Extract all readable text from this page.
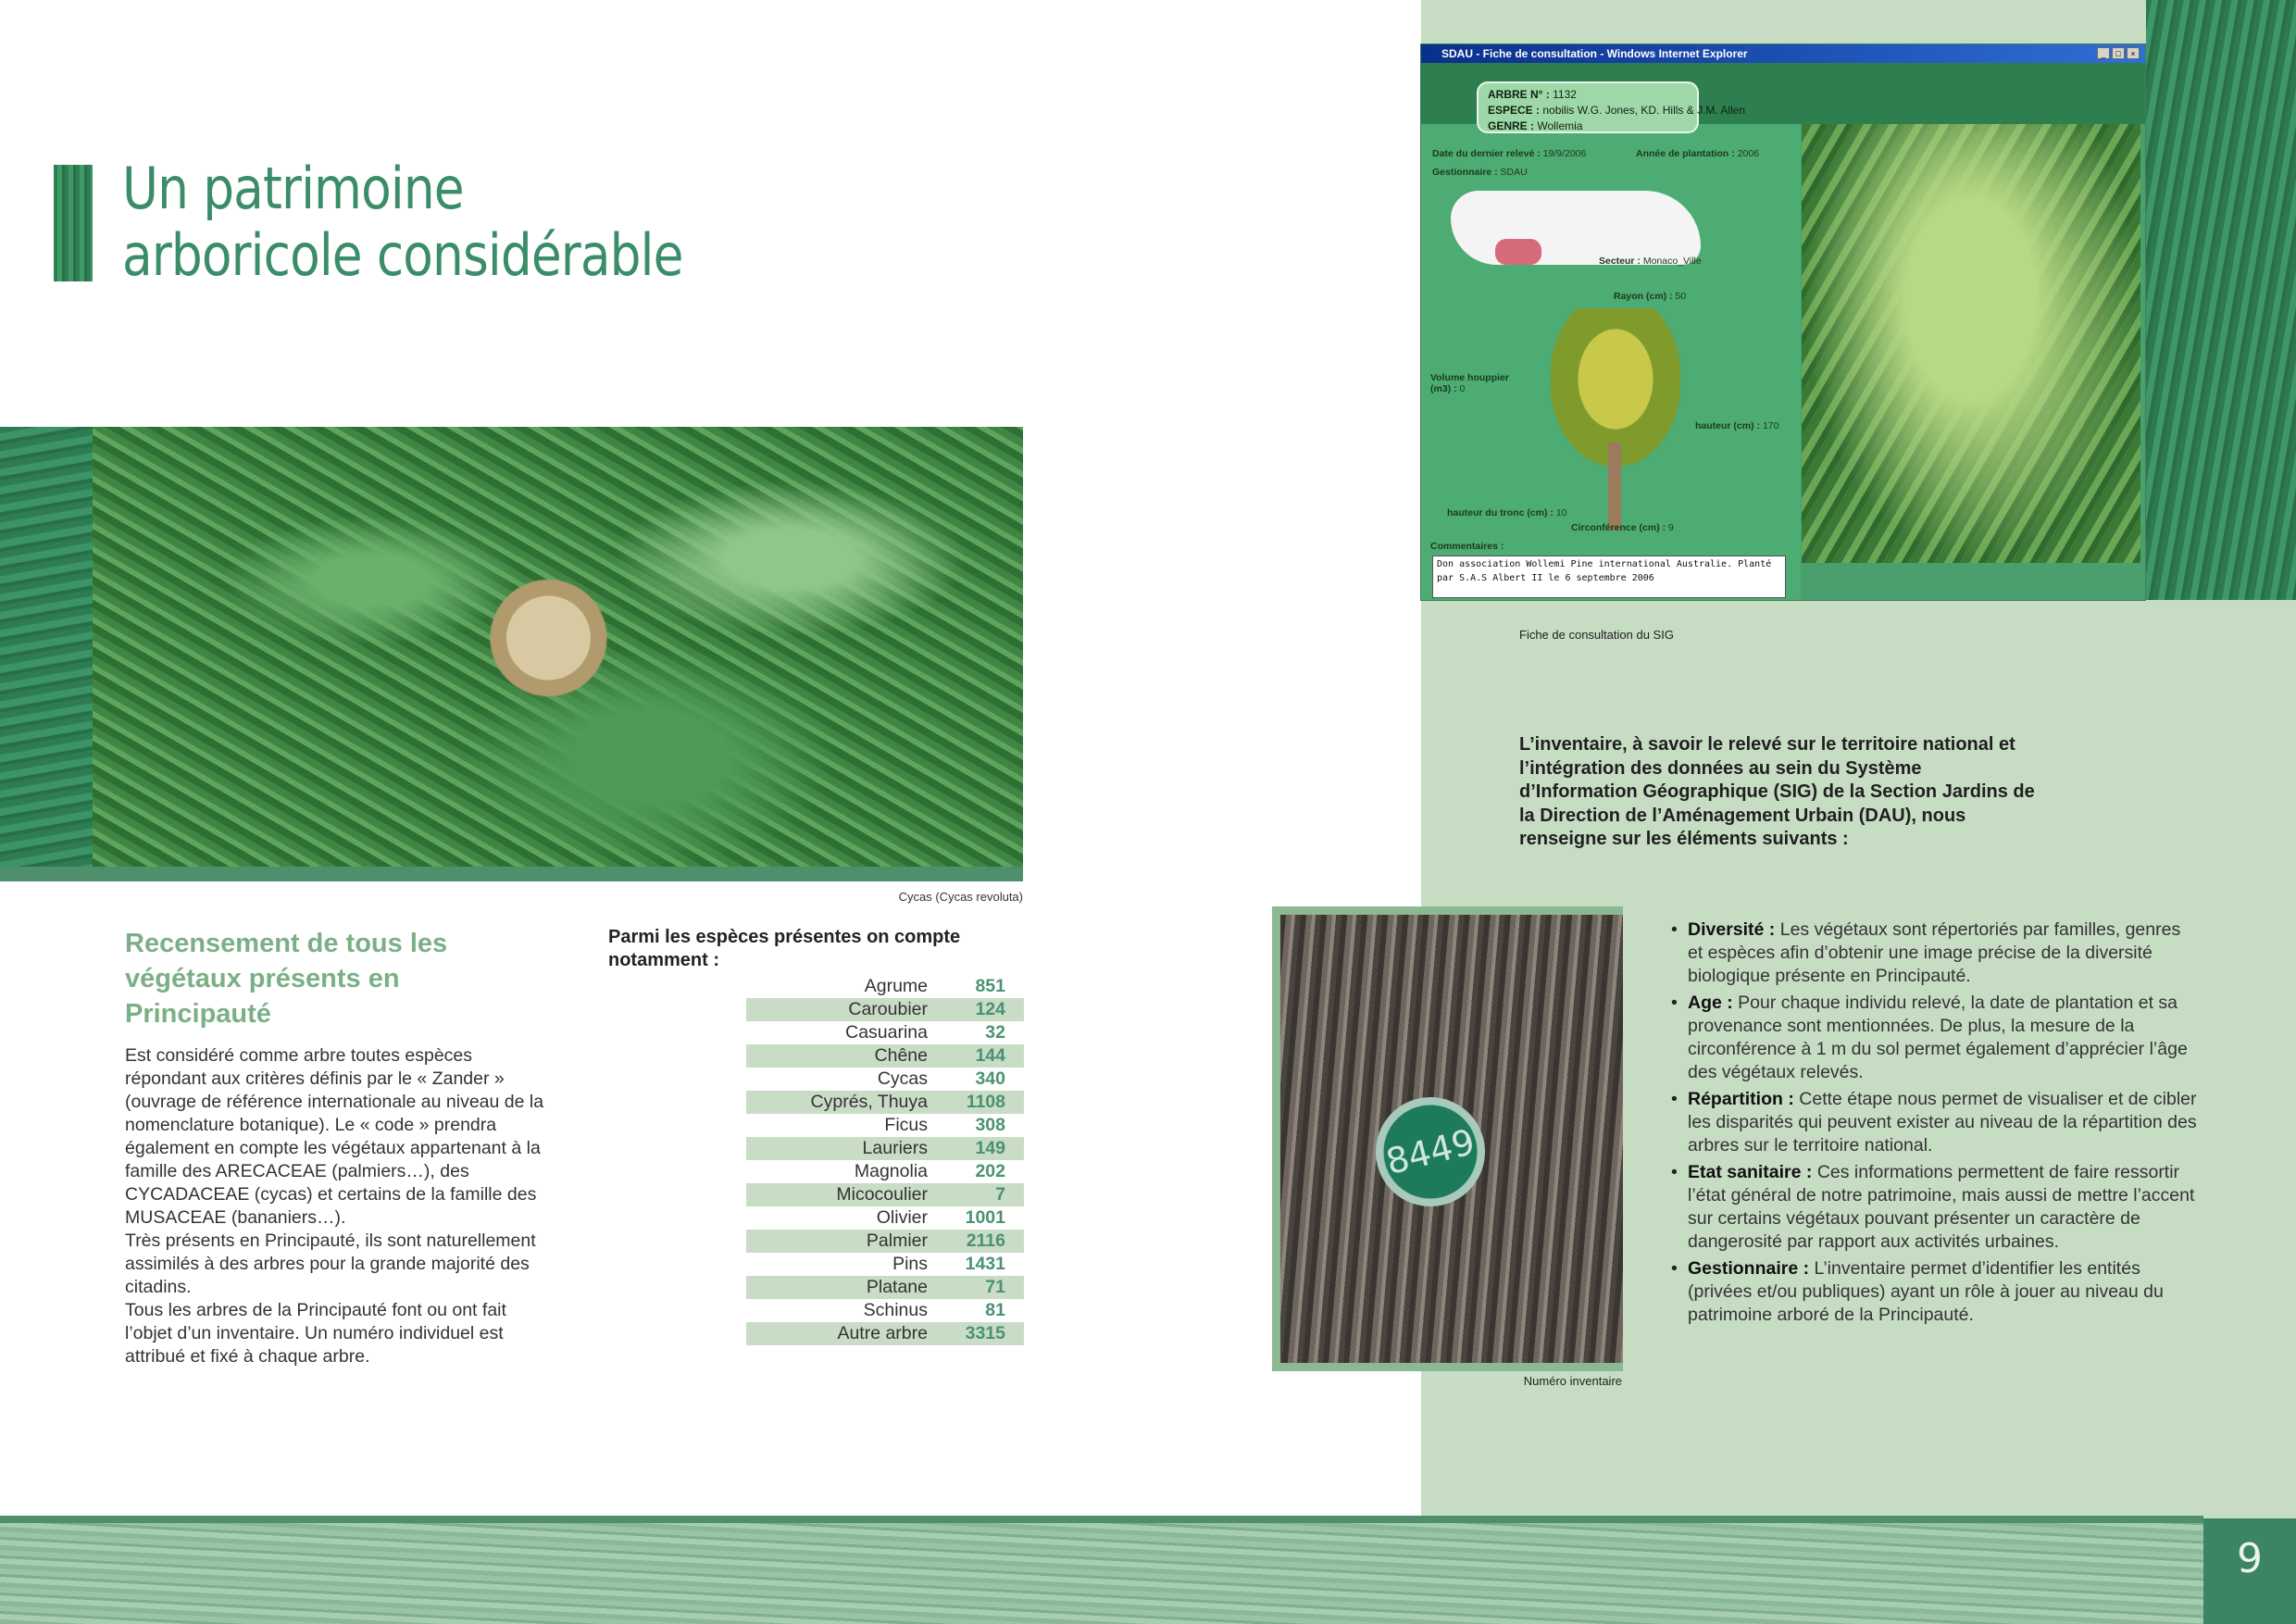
Un patrimoine
arboricole considérable
Cycas (Cycas revoluta)
Recensement de tous les végétaux présents en Principauté

Est considéré comme arbre toutes espèces répondant aux critères définis par le « Zander » (ouvrage de référence internationale au niveau de la nomenclature botanique). Le « code » prendra également en compte les végétaux appartenant à la famille des ARECACEAE (palmiers…), des CYCADACEAE (cycas) et certains de la famille des MUSACEAE (bananiers…).

Très présents en Principauté, ils sont naturellement assimilés à des arbres pour la grande majorité des citadins.

Tous les arbres de la Principauté font ou ont fait l’objet d’un inventaire. Un numéro individuel est attribué et fixé à chaque arbre.

Parmi les espèces présentes on compte notamment :
Agrume	851
Caroubier	124
Casuarina	32
Chêne	144
Cycas	340
Cyprés, Thuya	1108
Ficus	308
Lauriers	149
Magnolia	202
Micocoulier	7
Olivier	1001
Palmier	2116
Pins	1431
Platane	71
Schinus	81
Autre arbre	3315
SDAU - Fiche de consultation - Windows Internet Explorer	_	□	×
ARBRE N° : 1132
ESPECE : nobilis W.G. Jones, KD. Hills & J.M. Allen
GENRE : Wollemia
Date du dernier relevé : 19/9/2006	Année de plantation : 2006
Gestionnaire : SDAU
Secteur : Monaco_Ville
Rayon (cm) : 50
Volume houppier (m3) : 0
hauteur (cm) : 170
hauteur du tronc (cm) : 10
Circonférence (cm) : 9
Commentaires :
Don association Wollemi Pine international Australie. Planté par S.A.S Albert II le 6 septembre 2006
Fiche de consultation du SIG
L’inventaire, à savoir le relevé sur le territoire national et l’intégration des données au sein du Système d’Information Géographique (SIG) de la Section Jardins de la Direction de l’Aménagement Urbain (DAU), nous renseigne sur les éléments suivants :
8449
Numéro inventaire
• Diversité : Les végétaux sont répertoriés par familles, genres et espèces afin d’obtenir une image précise de la diversité biologique présente en Principauté.
• Age : Pour chaque individu relevé, la date de plantation et sa provenance sont mentionnées. De plus, la mesure de la circonférence à 1 m du sol permet également d’apprécier l’âge des végétaux relevés.
• Répartition : Cette étape nous permet de visualiser et de cibler les disparités qui peuvent exister au niveau de la répartition des arbres sur le territoire national.
• Etat sanitaire : Ces informations permettent de faire ressortir l’état général de notre patrimoine, mais aussi de mettre l’accent sur certains végétaux pouvant présenter un caractère de dangerosité par rapport aux activités urbaines.
• Gestionnaire : L’inventaire permet d’identifier les entités (privées et/ou publiques) ayant un rôle à jouer au niveau du patrimoine arboré de la Principauté.
9
